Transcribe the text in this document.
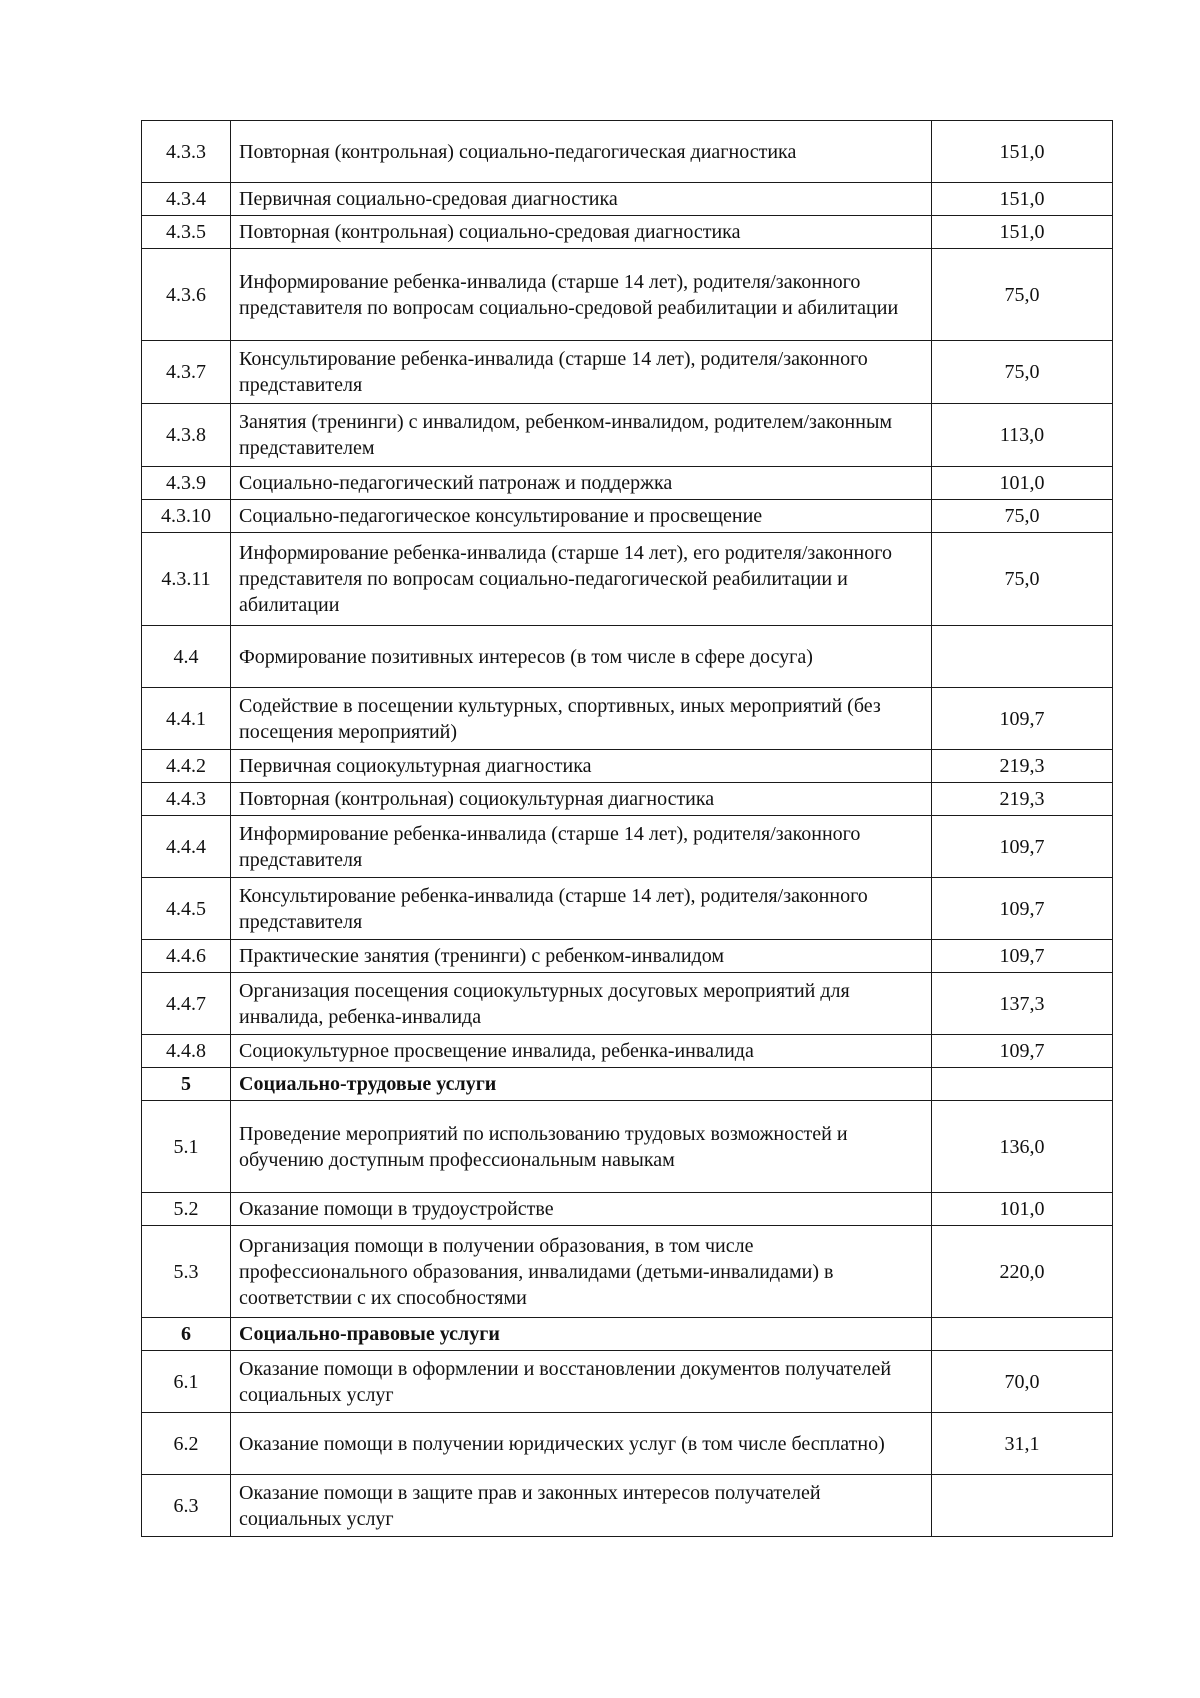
4.3.3	Повторная (контрольная) социально-педагогическая диагностика	151,0
4.3.4	Первичная социально-средовая диагностика	151,0
4.3.5	Повторная (контрольная) социально-средовая диагностика	151,0
4.3.6	Информирование ребенка-инвалида (старше 14 лет), родителя/законного представителя по вопросам социально-средовой реабилитации и абилитации	75,0
4.3.7	Консультирование ребенка-инвалида (старше 14 лет), родителя/законного представителя	75,0
4.3.8	Занятия (тренинги) с инвалидом, ребенком-инвалидом, родителем/законным представителем	113,0
4.3.9	Социально-педагогический патронаж и поддержка	101,0
4.3.10	Социально-педагогическое консультирование и просвещение	75,0
4.3.11	Информирование ребенка-инвалида (старше 14 лет), его родителя/законного представителя по вопросам социально-педагогической реабилитации и абилитации	75,0
4.4	Формирование позитивных интересов (в том числе в сфере досуга)	
4.4.1	Содействие в посещении культурных, спортивных, иных мероприятий (без посещения мероприятий)	109,7
4.4.2	Первичная социокультурная диагностика	219,3
4.4.3	Повторная (контрольная) социокультурная диагностика	219,3
4.4.4	Информирование ребенка-инвалида (старше 14 лет), родителя/законного представителя	109,7
4.4.5	Консультирование ребенка-инвалида (старше 14 лет), родителя/законного представителя	109,7
4.4.6	Практические занятия (тренинги) с ребенком-инвалидом	109,7
4.4.7	Организация посещения социокультурных досуговых мероприятий для инвалида, ребенка-инвалида	137,3
4.4.8	Социокультурное просвещение инвалида, ребенка-инвалида	109,7
5	Социально-трудовые услуги	
5.1	Проведение мероприятий по использованию трудовых возможностей и обучению доступным профессиональным навыкам	136,0
5.2	Оказание помощи в трудоустройстве	101,0
5.3	Организация помощи в получении образования, в том числе профессионального образования, инвалидами (детьми-инвалидами) в соответствии с их способностями	220,0
6	Социально-правовые услуги	
6.1	Оказание помощи в оформлении и восстановлении документов получателей социальных услуг	70,0
6.2	Оказание помощи в получении юридических услуг (в том числе бесплатно)	31,1
6.3	Оказание помощи в защите прав и законных интересов получателей социальных услуг	
